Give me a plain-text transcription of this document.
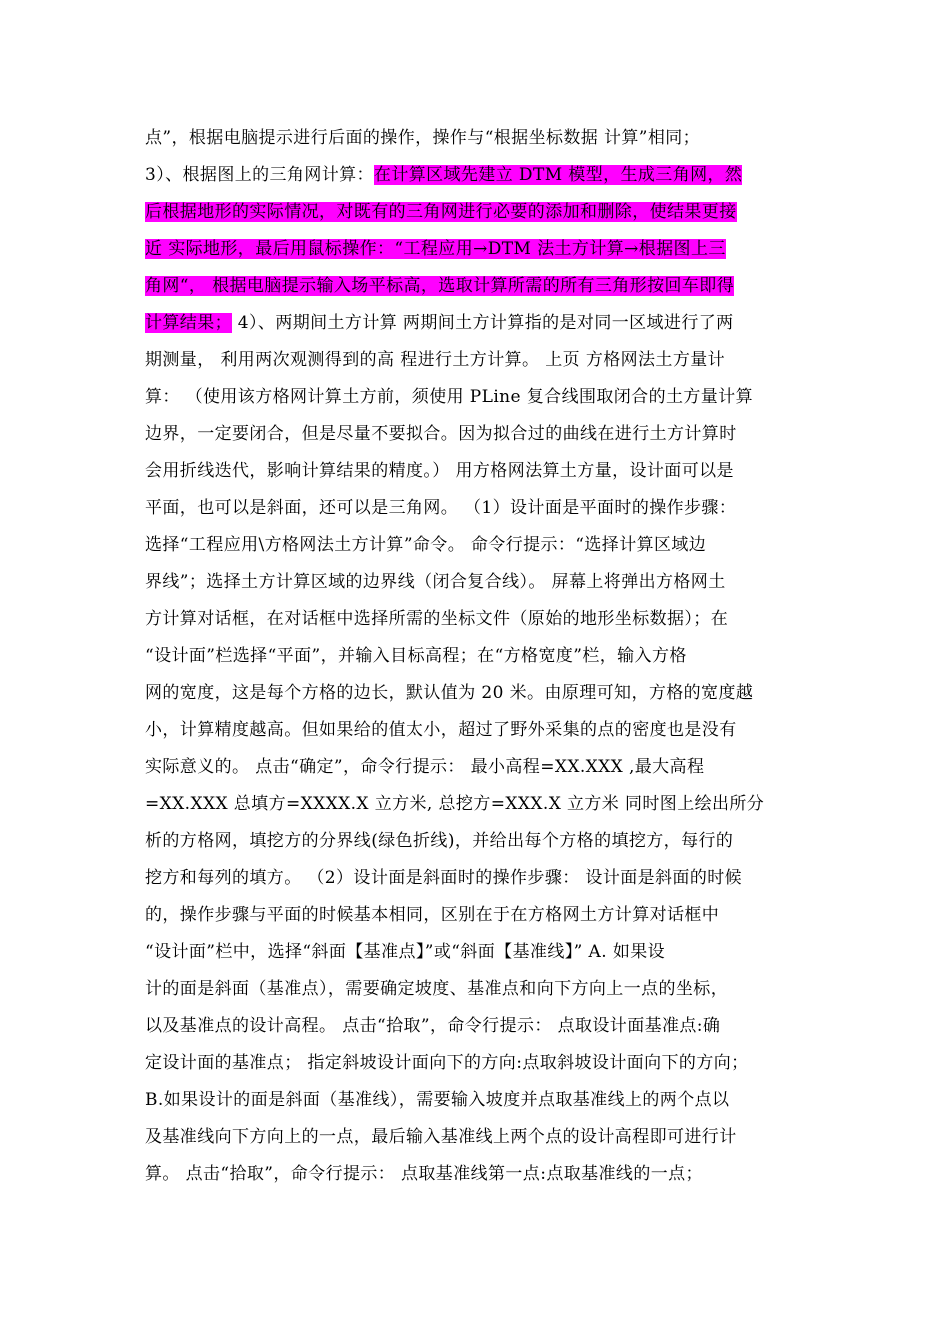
点”，根据电脑提示进行后面的操作，操作与“根据坐标数据 计算”相同；
3）、根据图上的三角网计算：在计算区域先建立 DTM 模型，生成三角网，然
后根据地形的实际情况，对既有的三角网进行必要的添加和删除，使结果更接
近 实际地形，最后用鼠标操作：“工程应用→DTM 法土方计算→根据图上三
角网“， 根据电脑提示输入场平标高，选取计算所需的所有三角形按回车即得
计算结果； 4）、两期间土方计算 两期间土方计算指的是对同一区域进行了两
期测量， 利用两次观测得到的高 程进行土方计算。 上页 方格网法土方量计
算： （使用该方格网计算土方前，须使用 PLine 复合线围取闭合的土方量计算
边界，一定要闭合，但是尽量不要拟合。因为拟合过的曲线在进行土方计算时
会用折线迭代，影响计算结果的精度。） 用方格网法算土方量，设计面可以是
平面，也可以是斜面，还可以是三角网。 （1）设计面是平面时的操作步骤：
选择“工程应用\方格网法土方计算”命令。 命令行提示：“选择计算区域边
界线”；选择土方计算区域的边界线（闭合复合线）。 屏幕上将弹出方格网土
方计算对话框，在对话框中选择所需的坐标文件（原始的地形坐标数据）；在
“设计面”栏选择“平面”，并输入目标高程；在“方格宽度”栏，输入方格
网的宽度，这是每个方格的边长，默认值为 20 米。由原理可知，方格的宽度越
小，计算精度越高。但如果给的值太小，超过了野外采集的点的密度也是没有
实际意义的。 点击“确定”，命令行提示： 最小高程=XX.XXX ,最大高程
=XX.XXX 总填方=XXXX.X 立方米, 总挖方=XXX.X 立方米 同时图上绘出所分
析的方格网，填挖方的分界线(绿色折线)，并给出每个方格的填挖方，每行的
挖方和每列的填方。 （2）设计面是斜面时的操作步骤： 设计面是斜面的时候
的，操作步骤与平面的时候基本相同，区别在于在方格网土方计算对话框中
“设计面”栏中，选择“斜面【基准点】”或“斜面【基准线】” A. 如果设
计的面是斜面（基准点），需要确定坡度、基准点和向下方向上一点的坐标，
以及基准点的设计高程。 点击“拾取”，命令行提示： 点取设计面基准点:确
定设计面的基准点； 指定斜坡设计面向下的方向:点取斜坡设计面向下的方向；
B.如果设计的面是斜面（基准线），需要输入坡度并点取基准线上的两个点以
及基准线向下方向上的一点，最后输入基准线上两个点的设计高程即可进行计
算。 点击“拾取”，命令行提示： 点取基准线第一点:点取基准线的一点；
